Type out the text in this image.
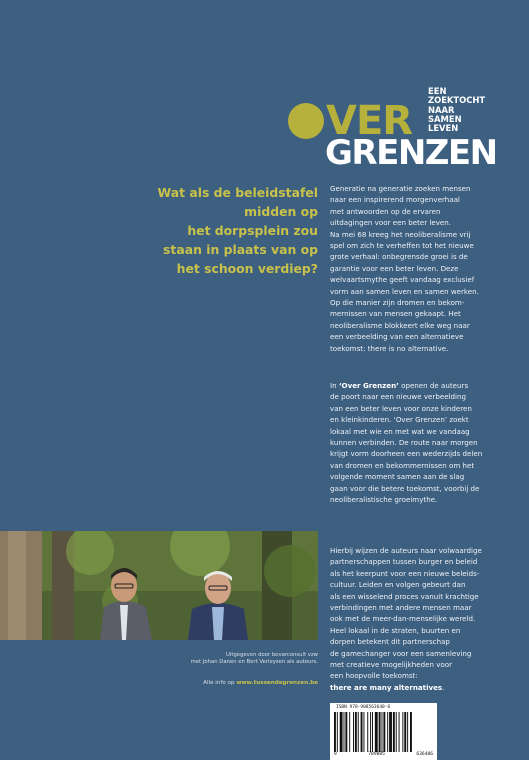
VER
EEN
ZOEKTOCHT
NAAR
SAMEN
LEVEN
GRENZEN
Wat als de beleidstafel
midden op
het dorpsplein zou
staan in plaats van op
het schoon verdiep?
Generatie na generatie zoeken mensen
naar een inspirerend morgenverhaal
met antwoorden op de ervaren
uitdagingen voor een beter leven.
Na mei 68 kreeg het neoliberalisme vrij
spel om zich te verheffen tot het nieuwe
grote verhaal: onbegrensde groei is de
garantie voor een beter leven. Deze
welvaartsmythe geeft vandaag exclusief
vorm aan samen leven en samen werken.
Op die manier zijn dromen en bekom-
mernissen van mensen gekaapt. Het
neoliberalisme blokkeert elke weg naar
een verbeelding van een alternatieve
toekomst: there is no alternative.
In ‘Over Grenzen’ openen de auteurs
de poort naar een nieuwe verbeelding
van een beter leven voor onze kinderen
en kleinkinderen. ‘Over Grenzen’ zoekt
lokaal met wie en met wat we vandaag
kunnen verbinden. De route naar morgen
krijgt vorm doorheen een wederzijds delen
van dromen en bekommernissen om het
volgende moment samen aan de slag
gaan voor die betere toekomst, voorbij de
neoliberalistische groeimythe.
Hierbij wijzen de auteurs naar volwaardige
partnerschappen tussen burger en beleid
als het keerpunt voor een nieuwe beleids-
cultuur. Leiden en volgen gebeurt dan
als een wisselend proces vanuit krachtige
verbindingen met andere mensen maar
ook met de meer-dan-menselijke wereld.
Heel lokaal in de straten, buurten en
dorpen betekent dit partnerschap
de gamechanger voor een samenleving
met creatieve mogelijkheden voor
een hoopvolle toekomst:
there are many alternatives.
Uitgegeven door bevarconsult vzw
met Johan Danen en Bert Verleysen als auteurs.
Alle info op www.tussendegrenzen.be
ISBN 978-908563640-6
9	789085	636406
